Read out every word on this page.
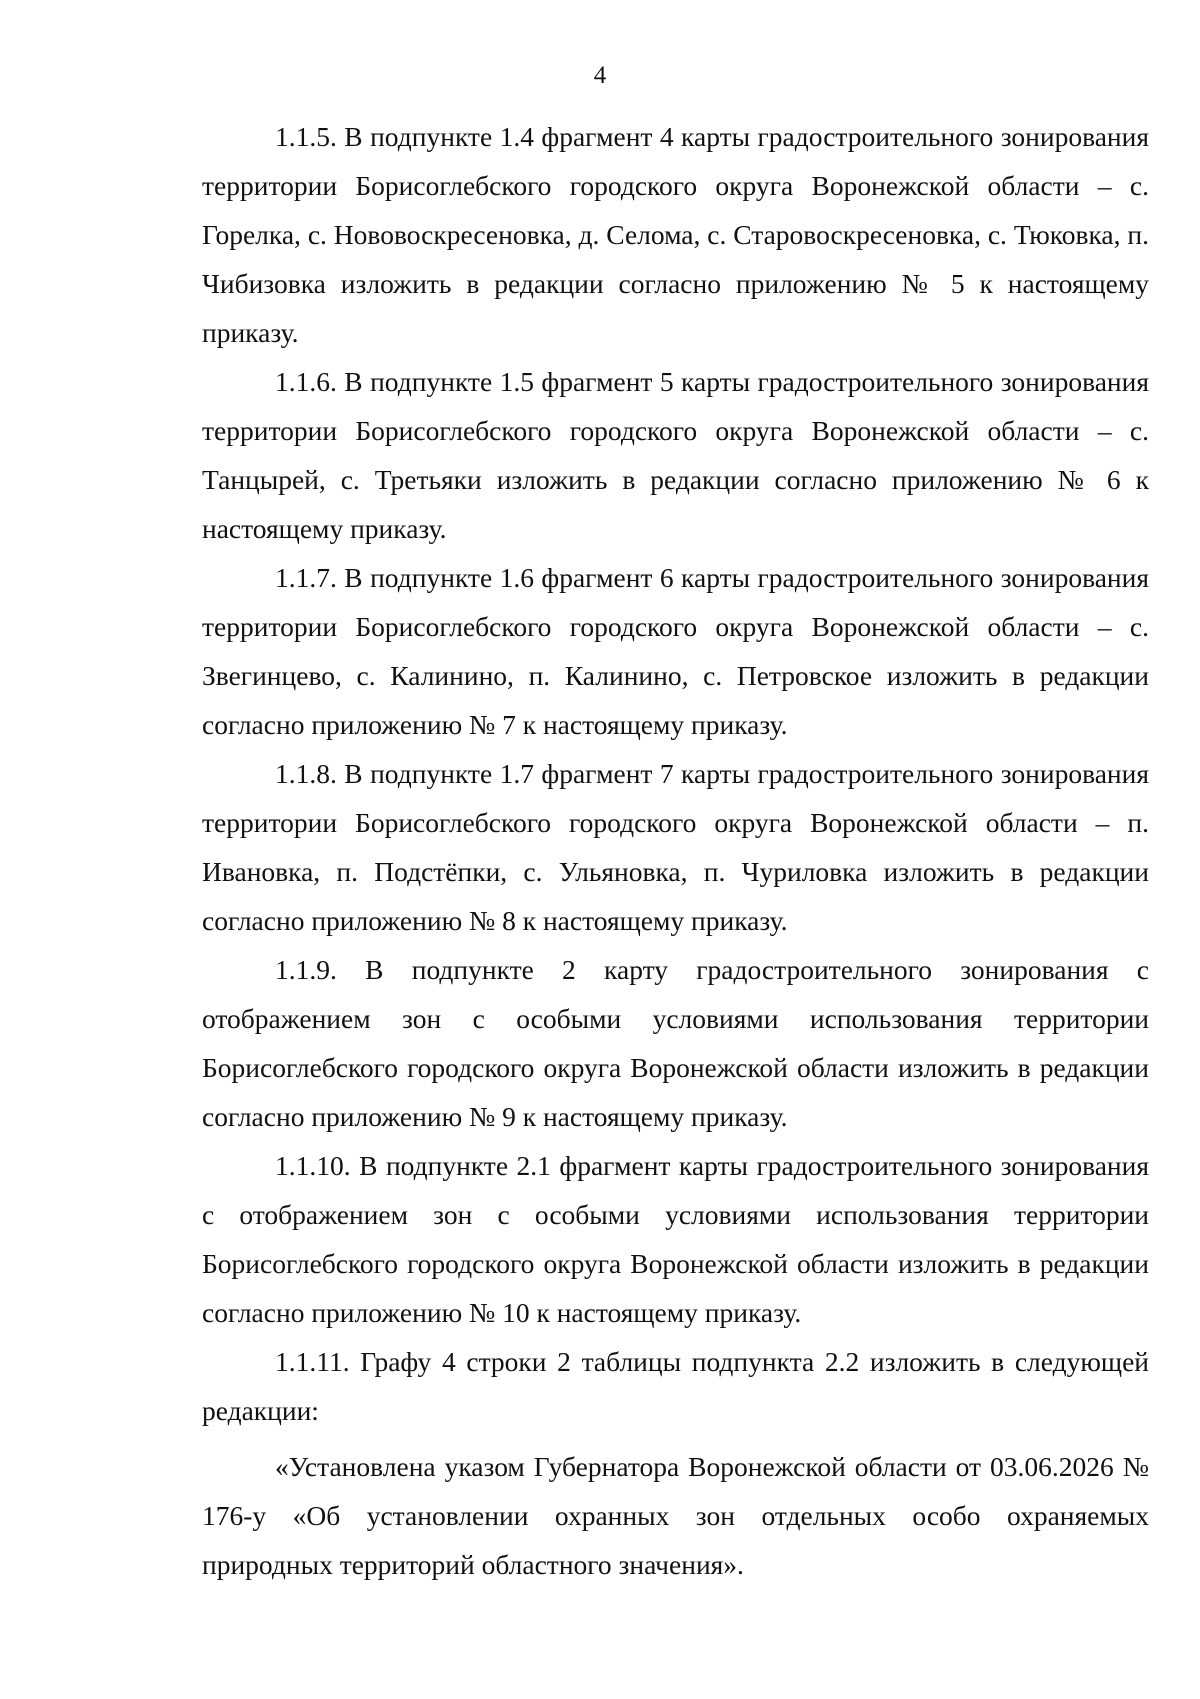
4

1.1.5. В подпункте 1.4 фрагмент 4 карты градостроительного зонирования территории Борисоглебского городского округа Воронежской области – с. Горелка, с. Нововоскресеновка, д. Селома, с. Старовоскресеновка, с. Тюковка, п. Чибизовка изложить в редакции согласно приложению № 5 к настоящему приказу.

1.1.6. В подпункте 1.5 фрагмент 5 карты градостроительного зонирования территории Борисоглебского городского округа Воронежской области – с. Танцырей, с. Третьяки изложить в редакции согласно приложению № 6 к настоящему приказу.

1.1.7. В подпункте 1.6 фрагмент 6 карты градостроительного зонирования территории Борисоглебского городского округа Воронежской области – с. Звегинцево, с. Калинино, п. Калинино, с. Петровское изложить в редакции согласно приложению № 7 к настоящему приказу.

1.1.8. В подпункте 1.7 фрагмент 7 карты градостроительного зонирования территории Борисоглебского городского округа Воронежской области – п. Ивановка, п. Подстёпки, с. Ульяновка, п. Чуриловка изложить в редакции согласно приложению № 8 к настоящему приказу.

1.1.9. В подпункте 2 карту градостроительного зонирования с отображением зон с особыми условиями использования территории Борисоглебского городского округа Воронежской области изложить в редакции согласно приложению № 9 к настоящему приказу.

1.1.10. В подпункте 2.1 фрагмент карты градостроительного зонирования с отображением зон с особыми условиями использования территории Борисоглебского городского округа Воронежской области изложить в редакции согласно приложению № 10 к настоящему приказу.

1.1.11. Графу 4 строки 2 таблицы подпункта 2.2 изложить в следующей редакции:

«Установлена указом Губернатора Воронежской области от 03.06.2026 № 176-у «Об установлении охранных зон отдельных особо охраняемых природных территорий областного значения».
